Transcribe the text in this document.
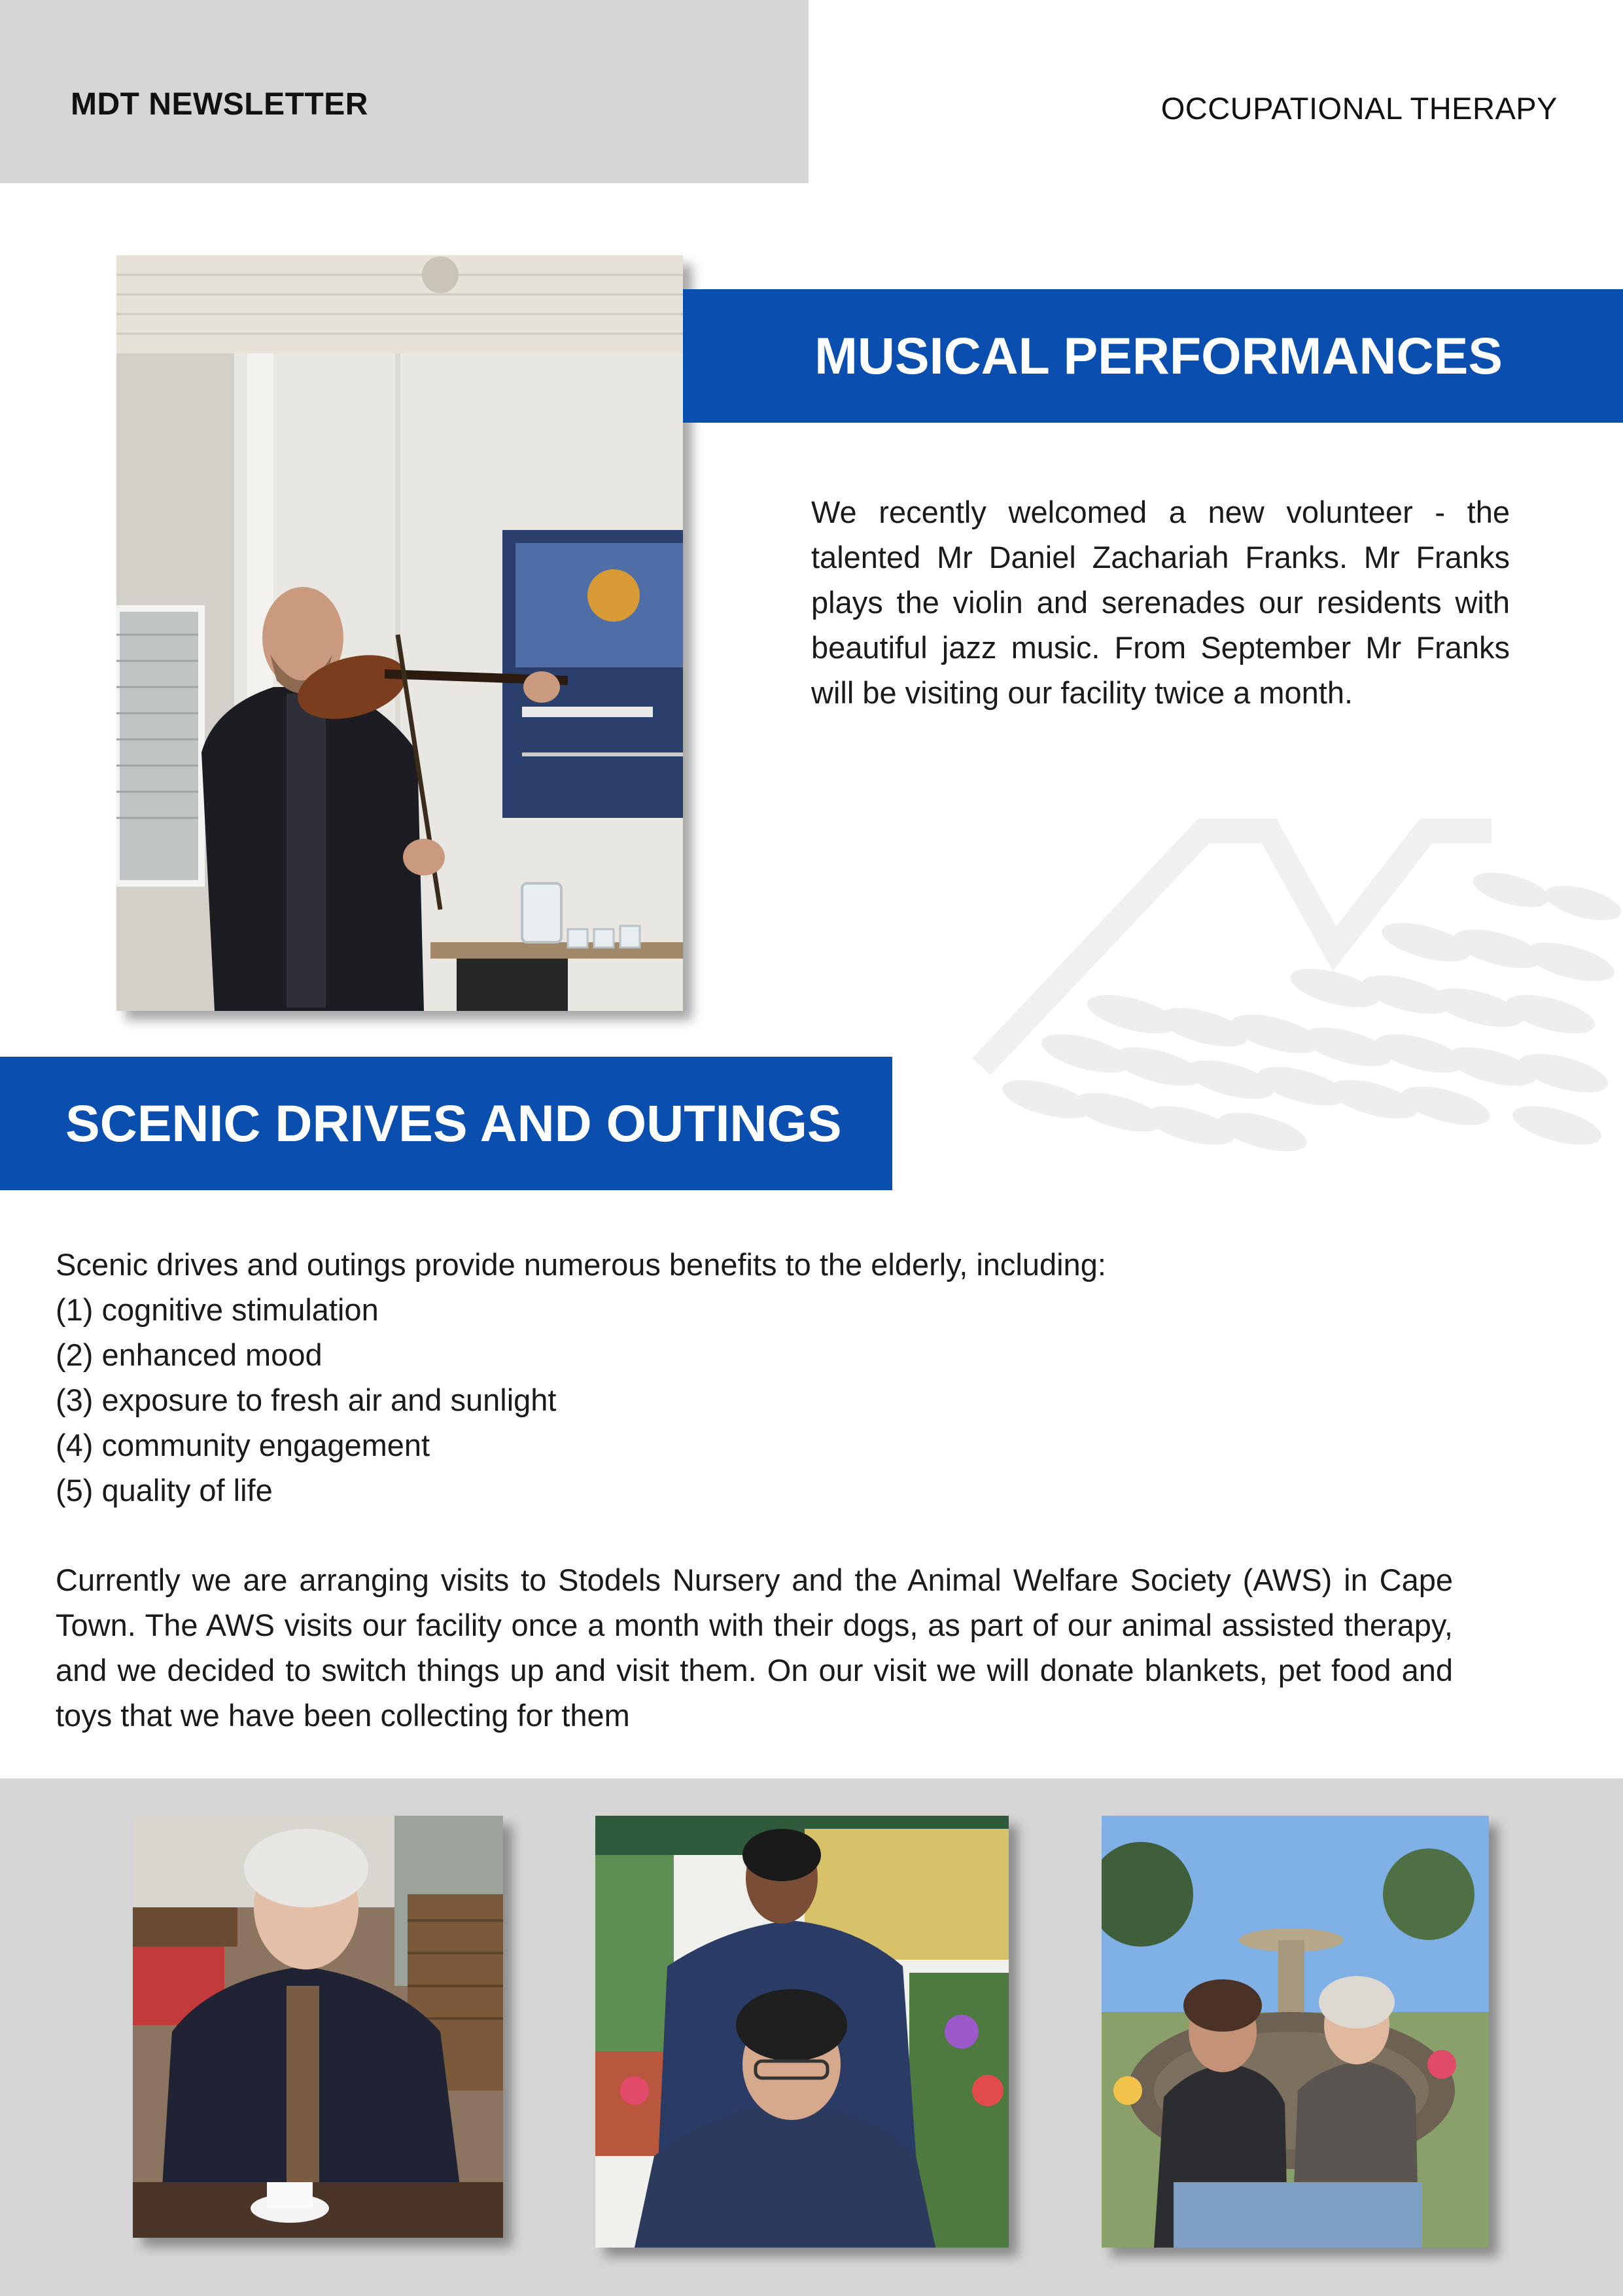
MDT NEWSLETTER	OCCUPATIONAL THERAPY
MUSICAL PERFORMANCES
We recently welcomed a new volunteer - the talented Mr Daniel Zachariah Franks. Mr Franks plays the violin and serenades our residents with beautiful jazz music. From September Mr Franks will be visiting our facility twice a month.
SCENIC DRIVES AND OUTINGS
Scenic drives and outings provide numerous benefits to the elderly, including:
(1) cognitive stimulation
(2) enhanced mood
(3) exposure to fresh air and sunlight
(4) community engagement
(5) quality of life
Currently we are arranging visits to Stodels Nursery and the Animal Welfare Society (AWS) in Cape Town. The AWS visits our facility once a month with their dogs, as part of our animal assisted therapy, and we decided to switch things up and visit them. On our visit we will donate blankets, pet food and toys that we have been collecting for them
